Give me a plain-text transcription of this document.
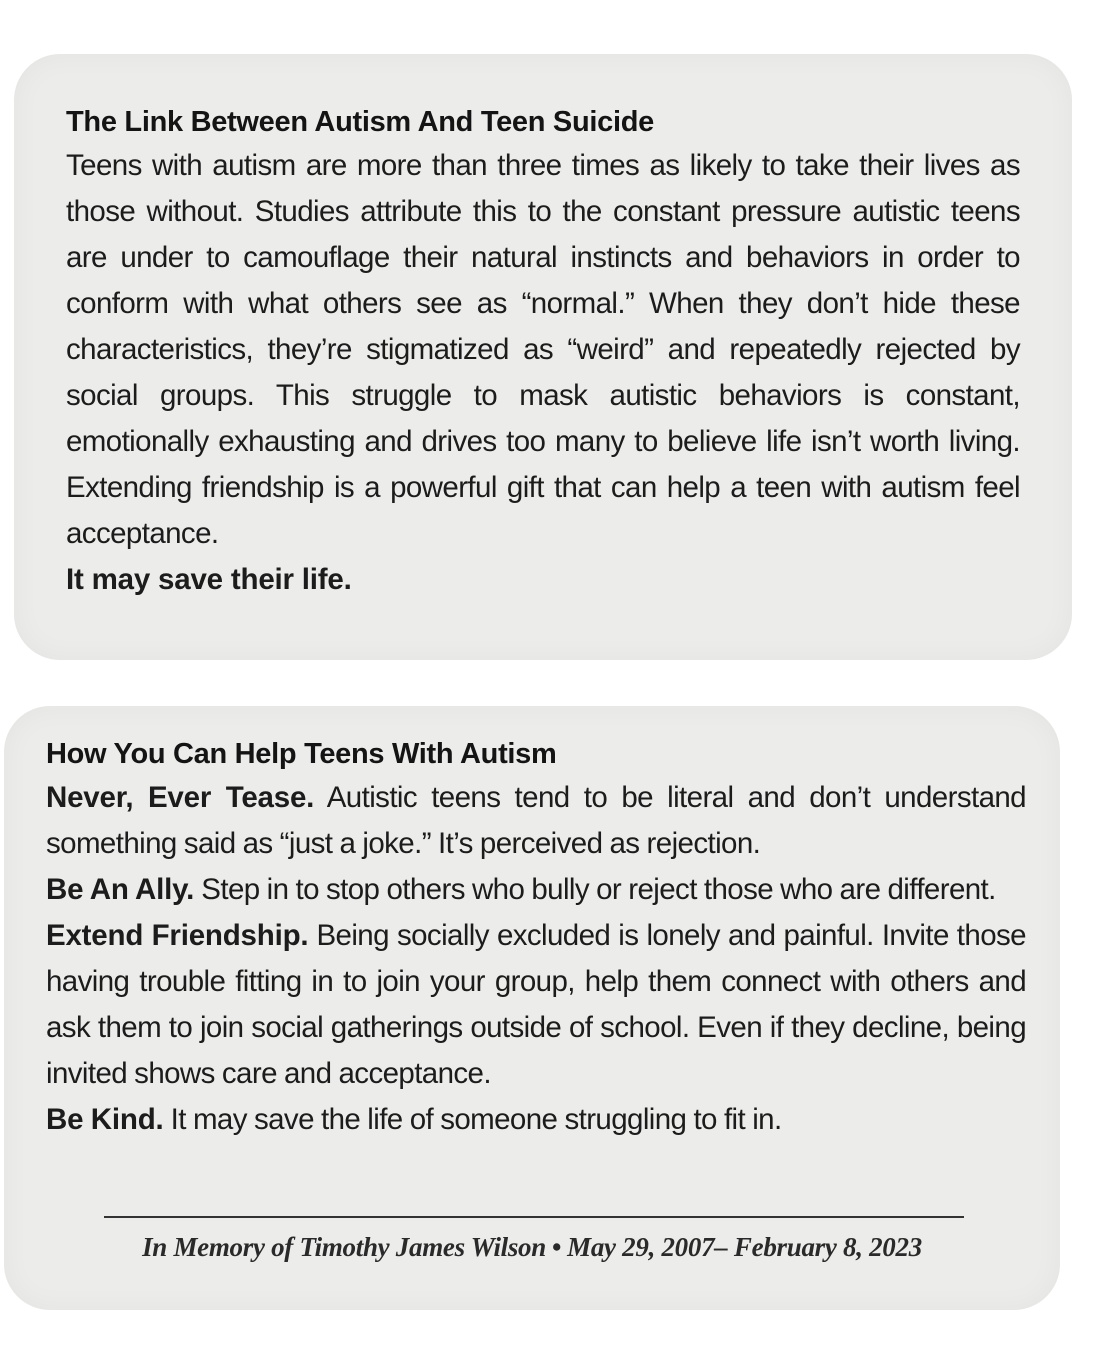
The Link Between Autism And Teen Suicide

Teens with autism are more than three times as likely to take their lives as those without. Studies attribute this to the constant pressure autistic teens are under to camouflage their natural instincts and behaviors in order to conform with what others see as “normal.” When they don’t hide these characteristics, they’re stigmatized as “weird” and repeatedly rejected by social groups. This struggle to mask autistic behaviors is constant, emotionally exhausting and drives too many to believe life isn’t worth living. Extending friendship is a powerful gift that can help a teen with autism feel acceptance.

It may save their life.

How You Can Help Teens With Autism

Never, Ever Tease. Autistic teens tend to be literal and don’t understand something said as “just a joke.” It’s perceived as rejection.

Be An Ally. Step in to stop others who bully or reject those who are different.

Extend Friendship. Being socially excluded is lonely and painful. Invite those having trouble fitting in to join your group, help them connect with others and ask them to join social gatherings outside of school. Even if they decline, being invited shows care and acceptance.

Be Kind. It may save the life of someone struggling to fit in.

In Memory of Timothy James Wilson • May 29, 2007– February 8, 2023
